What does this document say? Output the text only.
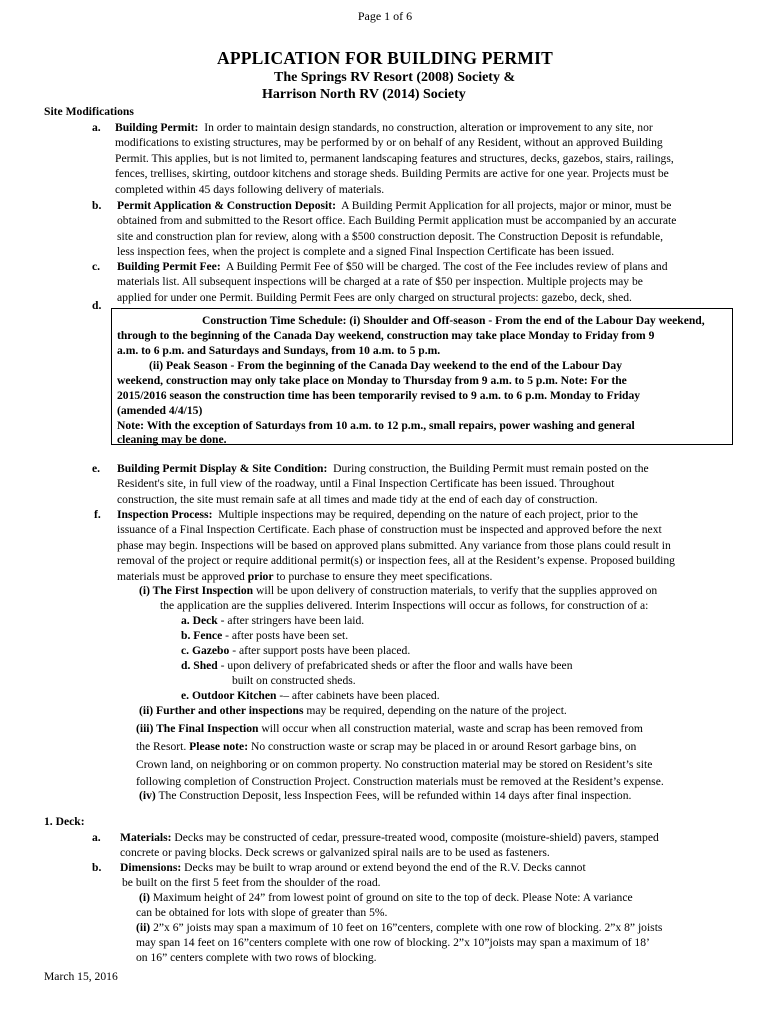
Page 1 of 6
APPLICATION FOR BUILDING PERMIT
The Springs RV Resort (2008) Society &
Harrison North RV (2014) Society
Site Modifications
a. Building Permit: In order to maintain design standards, no construction, alteration or improvement to any site, nor
modifications to existing structures, may be performed by or on behalf of any Resident, without an approved Building
Permit. This applies, but is not limited to, permanent landscaping features and structures, decks, gazebos, stairs, railings,
fences, trellises, skirting, outdoor kitchens and storage sheds. Building Permits are active for one year. Projects must be
completed within 45 days following delivery of materials.
b. Permit Application & Construction Deposit: A Building Permit Application for all projects, major or minor, must be
obtained from and submitted to the Resort office. Each Building Permit application must be accompanied by an accurate
site and construction plan for review, along with a $500 construction deposit. The Construction Deposit is refundable,
less inspection fees, when the project is complete and a signed Final Inspection Certificate has been issued.
c. Building Permit Fee: A Building Permit Fee of $50 will be charged. The cost of the Fee includes review of plans and
materials list. All subsequent inspections will be charged at a rate of $50 per inspection. Multiple projects may be
applied for under one Permit. Building Permit Fees are only charged on structural projects: gazebo, deck, shed.
d.
Construction Time Schedule: (i) Shoulder and Off-season - From the end of the Labour Day weekend,
through to the beginning of the Canada Day weekend, construction may take place Monday to Friday from 9
a.m. to 6 p.m. and Saturdays and Sundays, from 10 a.m. to 5 p.m.
(ii) Peak Season - From the beginning of the Canada Day weekend to the end of the Labour Day
weekend, construction may only take place on Monday to Thursday from 9 a.m. to 5 p.m. Note: For the
2015/2016 season the construction time has been temporarily revised to 9 a.m. to 6 p.m. Monday to Friday
(amended 4/4/15)
Note: With the exception of Saturdays from 10 a.m. to 12 p.m., small repairs, power washing and general
cleaning may be done.
e. Building Permit Display & Site Condition: During construction, the Building Permit must remain posted on the
Resident's site, in full view of the roadway, until a Final Inspection Certificate has been issued. Throughout
construction, the site must remain safe at all times and made tidy at the end of each day of construction.
f. Inspection Process: Multiple inspections may be required, depending on the nature of each project, prior to the
issuance of a Final Inspection Certificate. Each phase of construction must be inspected and approved before the next
phase may begin. Inspections will be based on approved plans submitted. Any variance from those plans could result in
removal of the project or require additional permit(s) or inspection fees, all at the Resident’s expense. Proposed building
materials must be approved prior to purchase to ensure they meet specifications.
(i) The First Inspection will be upon delivery of construction materials, to verify that the supplies approved on
the application are the supplies delivered. Interim Inspections will occur as follows, for construction of a:
a. Deck - after stringers have been laid.
b. Fence - after posts have been set.
c. Gazebo - after support posts have been placed.
d. Shed - upon delivery of prefabricated sheds or after the floor and walls have been
built on constructed sheds.
e. Outdoor Kitchen -– after cabinets have been placed.
(ii) Further and other inspections may be required, depending on the nature of the project.
(iii) The Final Inspection will occur when all construction material, waste and scrap has been removed from
the Resort. Please note: No construction waste or scrap may be placed in or around Resort garbage bins, on
Crown land, on neighboring or on common property. No construction material may be stored on Resident’s site
following completion of Construction Project. Construction materials must be removed at the Resident’s expense.
(iv) The Construction Deposit, less Inspection Fees, will be refunded within 14 days after final inspection.
1. Deck:
a. Materials: Decks may be constructed of cedar, pressure-treated wood, composite (moisture-shield) pavers, stamped
concrete or paving blocks. Deck screws or galvanized spiral nails are to be used as fasteners.
b. Dimensions: Decks may be built to wrap around or extend beyond the end of the R.V. Decks cannot
be built on the first 5 feet from the shoulder of the road.
(i) Maximum height of 24” from lowest point of ground on site to the top of deck. Please Note: A variance
can be obtained for lots with slope of greater than 5%.
(ii) 2”x 6” joists may span a maximum of 10 feet on 16”centers, complete with one row of blocking. 2”x 8” joists
may span 14 feet on 16”centers complete with one row of blocking. 2”x 10”joists may span a maximum of 18’
on 16” centers complete with two rows of blocking.
March 15, 2016
